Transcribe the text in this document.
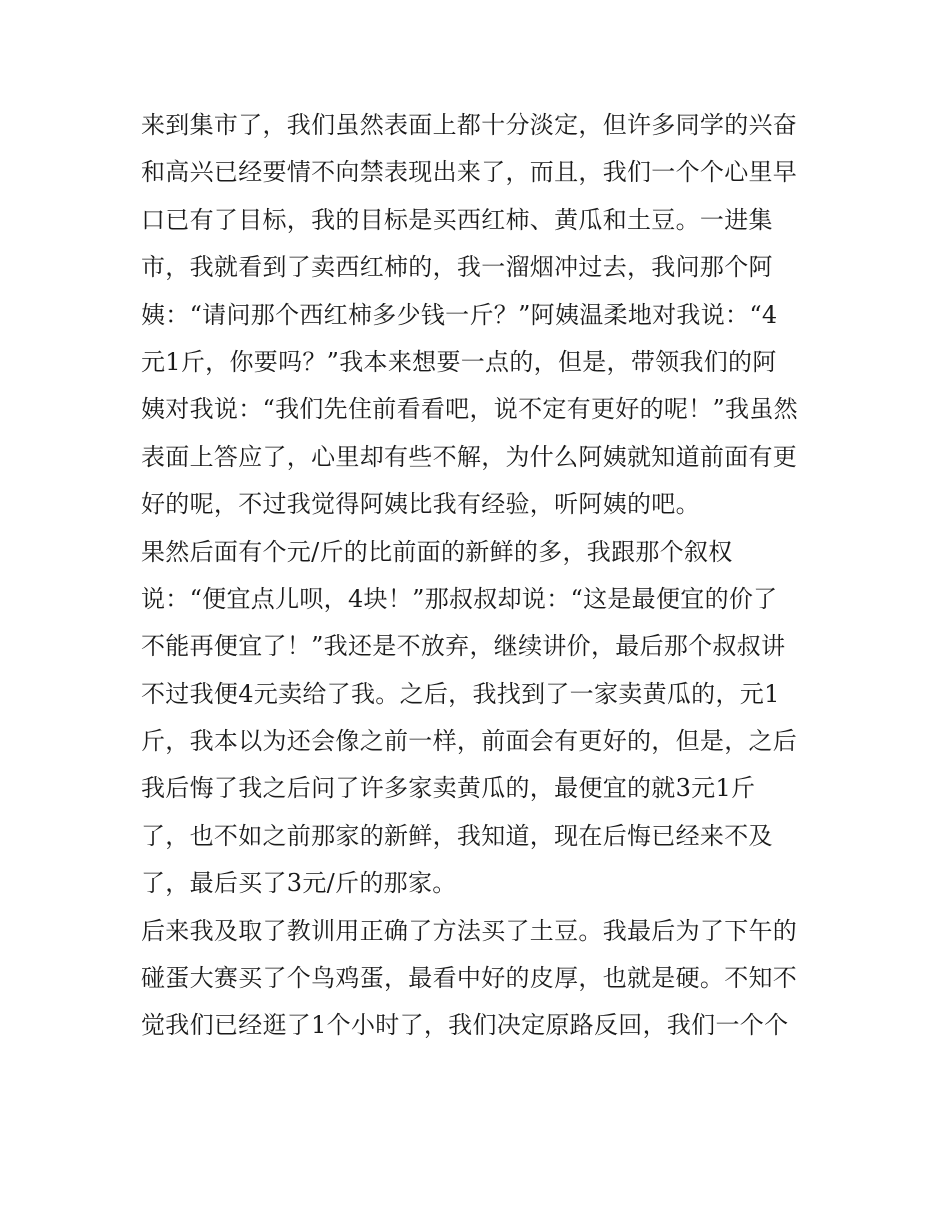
来到集市了，我们虽然表面上都十分淡定，但许多同学的兴奋
和高兴已经要情不向禁表现出来了，而且，我们一个个心里早
口已有了目标，我的目标是买西红柿、黄瓜和土豆。一进集
市，我就看到了卖西红柿的，我一溜烟冲过去，我问那个阿
姨：“请问那个西红柿多少钱一斤？”阿姨温柔地对我说：“4
元1斤，你要吗？”我本来想要一点的，但是，带领我们的阿
姨对我说：“我们先住前看看吧，说不定有更好的呢！”我虽然
表面上答应了，心里却有些不解，为什么阿姨就知道前面有更
好的呢，不过我觉得阿姨比我有经验，听阿姨的吧。
果然后面有个元/斤的比前面的新鲜的多，我跟那个叙权
说：“便宜点儿呗，4块！”那叔叔却说：“这是最便宜的价了
不能再便宜了！”我还是不放弃，继续讲价，最后那个叔叔讲
不过我便4元卖给了我。之后，我找到了一家卖黄瓜的，元1
斤，我本以为还会像之前一样，前面会有更好的，但是，之后
我后悔了我之后问了许多家卖黄瓜的，最便宜的就3元1斤
了，也不如之前那家的新鲜，我知道，现在后悔已经来不及
了，最后买了3元/斤的那家。
后来我及取了教训用正确了方法买了土豆。我最后为了下午的
碰蛋大赛买了个鸟鸡蛋，最看中好的皮厚，也就是硬。不知不
觉我们已经逛了1个小时了，我们决定原路反回，我们一个个
